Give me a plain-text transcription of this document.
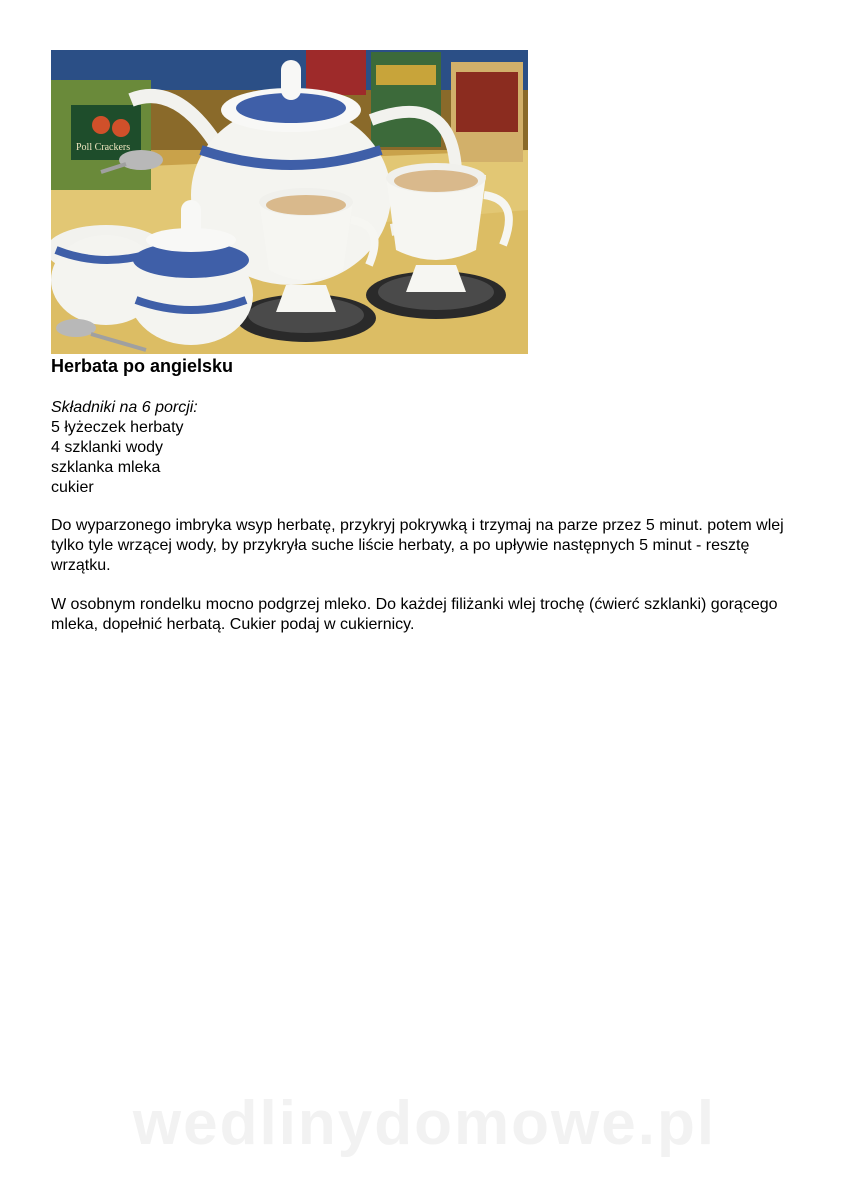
Poll Crackers
Herbata po angielsku
Składniki na 6 porcji:
5 łyżeczek herbaty
4 szklanki wody
szklanka mleka
cukier

Do wyparzonego imbryka wsyp herbatę, przykryj pokrywką i trzymaj na parze przez 5 minut. potem wlej tylko tyle wrzącej wody, by przykryła suche liście herbaty, a po upływie następnych 5 minut - resztę wrzątku.

W osobnym rondelku mocno podgrzej mleko. Do każdej filiżanki wlej trochę (ćwierć szklanki) gorącego mleka, dopełnić herbatą. Cukier podaj w cukiernicy.

wedlinydomowe.pl
